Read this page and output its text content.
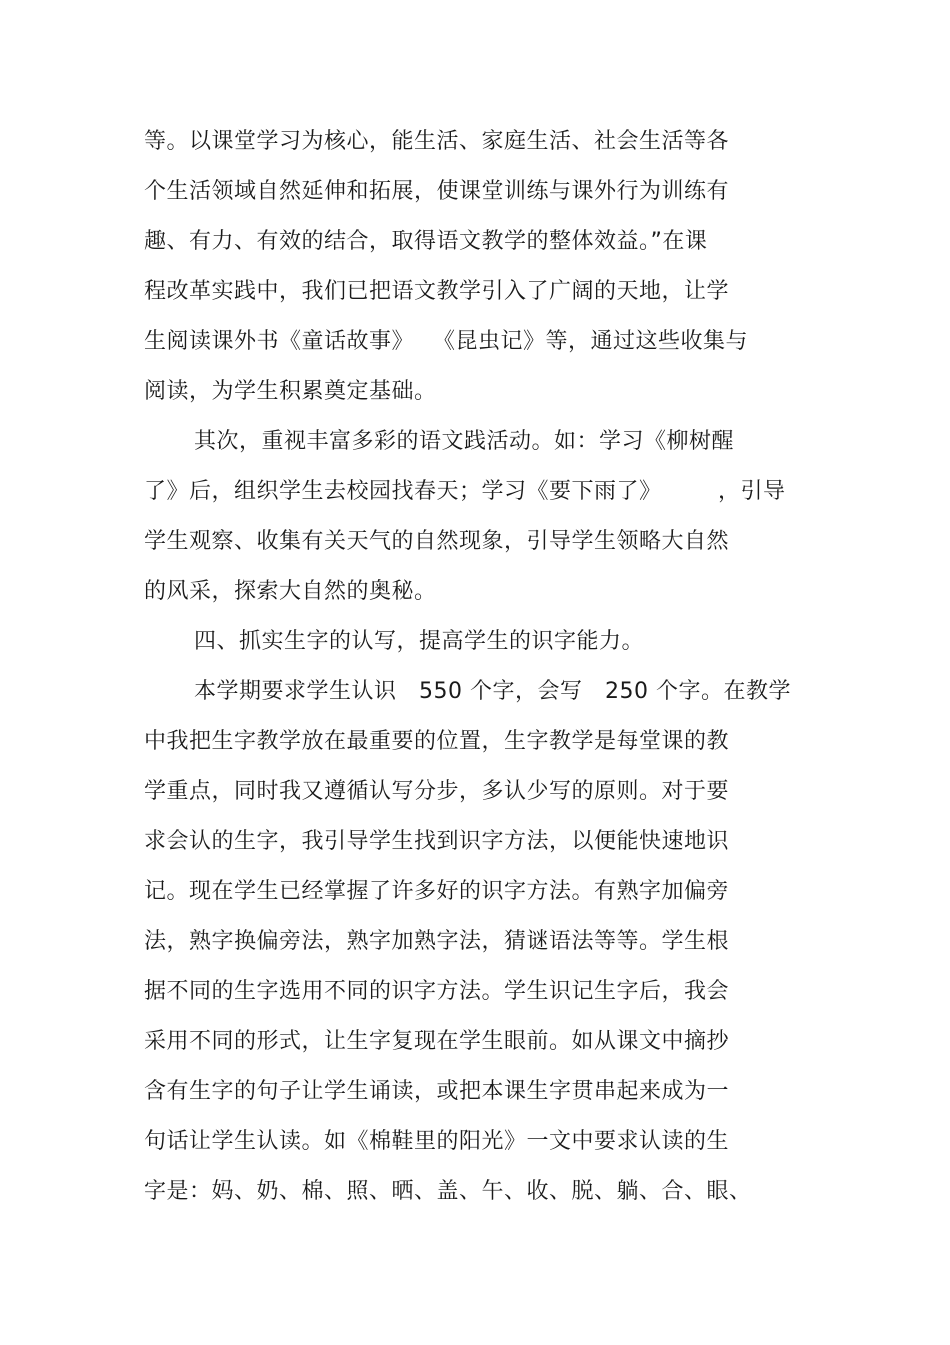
等。以课堂学习为核心，能生活、家庭生活、社会生活等各
个生活领域自然延伸和拓展，使课堂训练与课外行为训练有
趣、有力、有效的结合，取得语文教学的整体效益。”在课
程改革实践中，我们已把语文教学引入了广阔的天地，让学
生阅读课外书《童话故事》　 《昆虫记》等，通过这些收集与
阅读，为学生积累奠定基础。
其次，重视丰富多彩的语文践活动。如：学习《柳树醒
了》后，组织学生去校园找春天；学习《要下雨了》　　　，引导
学生观察、收集有关天气的自然现象，引导学生领略大自然
的风采，探索大自然的奥秘。
四、抓实生字的认写，提高学生的识字能力。
本学期要求学生认识　550 个字，会写　250 个字。在教学
中我把生字教学放在最重要的位置，生字教学是每堂课的教
学重点，同时我又遵循认写分步，多认少写的原则。对于要
求会认的生字，我引导学生找到识字方法，以便能快速地识
记。现在学生已经掌握了许多好的识字方法。有熟字加偏旁
法，熟字换偏旁法，熟字加熟字法，猜谜语法等等。学生根
据不同的生字选用不同的识字方法。学生识记生字后，我会
采用不同的形式，让生字复现在学生眼前。如从课文中摘抄
含有生字的句子让学生诵读，或把本课生字贯串起来成为一
句话让学生认读。如《棉鞋里的阳光》一文中要求认读的生
字是：妈、奶、棉、照、晒、盖、午、收、脱、躺、合、眼、
